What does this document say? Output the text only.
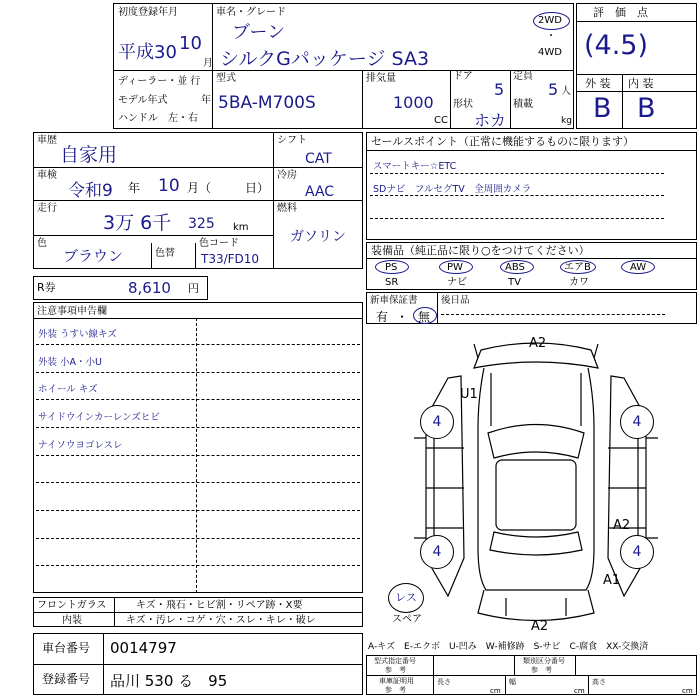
初度登録年月
平成30 10
月
車名・グレード
ブーン
シルクGパッケージ SA3
2WD
・
4WD
ディーラー・並 行
モデル年式	年
ハンドル　左・右
型式
5BA-M700S
排気量
1000
CC
ドア
5
形状
ホカ
定員
5 人
積載
kg
評　価　点
(4.5)
外 装 内 装
B B
車歴
自家用
車検
令和9 年 10 月（	日）
走行
3万 6千 325 km
色
ブラウン	色替
色コード
T33/FD10
シフト
CAT
冷房
AAC
燃料
ガソリン
セールスポイント（正常に機能するものに限ります）
スマートキー☆ETC
SDナビ　フルセグTV　全周囲カメラ
装備品（純正品に限り○をつけてください）
PS	PW	ABS	エアB	AW
SR	ナビ	TV	カワ
新車保証書 後日品
有 ・ 無
R券	8,610 円
注意事項申告欄
外装 うすい線キズ
外装 小A・小U
ホイール キズ
サイドウインカーレンズヒビ
ナイソウヨゴレスレ
フロントガラス	キズ・飛石・ヒビ割・リペア跡・X要
内装	キズ・汚レ・コゲ・穴・スレ・キレ・破レ
車台番号 0014797
登録番号 品川 530 る　95
A-キズ　E-エクボ　U-凹み　W-補修跡　S-サビ　C-腐食　XX-交換済
型式指定番号
参　考
類別区分番号
参　考
車庫証明用
参　考
長さ
cm
幅
cm
高さ
cm
A2
U1
A2
A1
A2
4	4
4	4
レス
スペア
